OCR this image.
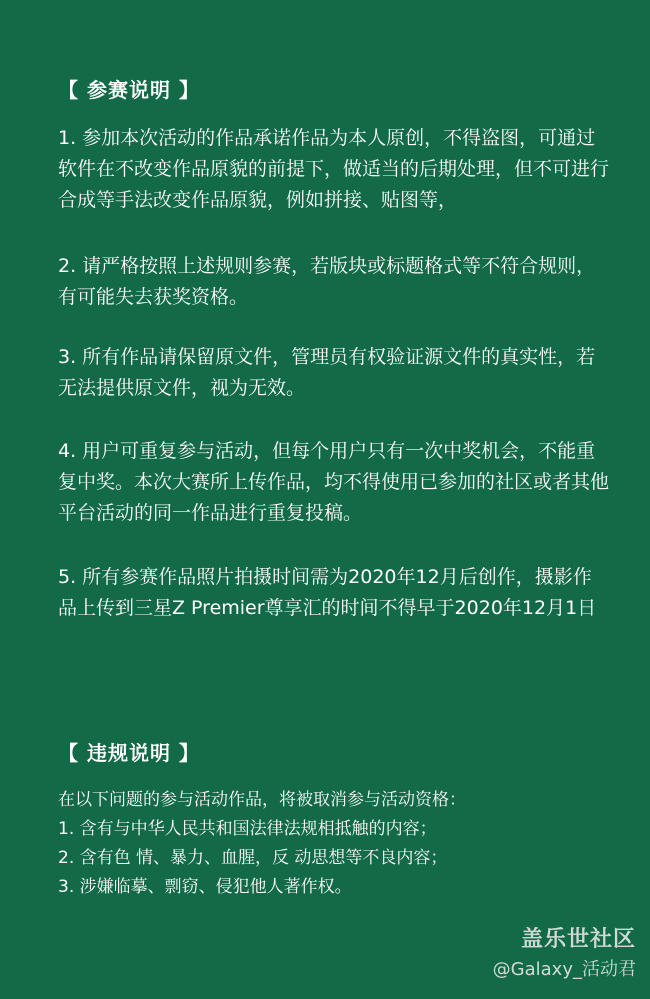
【 参赛说明 】

1. 参加本次活动的作品承诺作品为本人原创，不得盗图，可通过软件在不改变作品原貌的前提下，做适当的后期处理，但不可进行合成等手法改变作品原貌，例如拼接、贴图等，

2. 请严格按照上述规则参赛，若版块或标题格式等不符合规则，有可能失去获奖资格。

3. 所有作品请保留原文件，管理员有权验证源文件的真实性，若无法提供原文件，视为无效。

4. 用户可重复参与活动，但每个用户只有一次中奖机会，不能重复中奖。本次大赛所上传作品，均不得使用已参加的社区或者其他平台活动的同一作品进行重复投稿。

5. 所有参赛作品照片拍摄时间需为2020年12月后创作，摄影作品上传到三星Z Premier尊享汇的时间不得早于2020年12月1日

【 违规说明 】

在以下问题的参与活动作品，将被取消参与活动资格：

1. 含有与中华人民共和国法律法规相抵触的内容；

2. 含有色 情、暴力、血腥，反 动思想等不良内容；

3. 涉嫌临摹、剽窃、侵犯他人著作权。

盖乐世社区
@Galaxy_活动君
